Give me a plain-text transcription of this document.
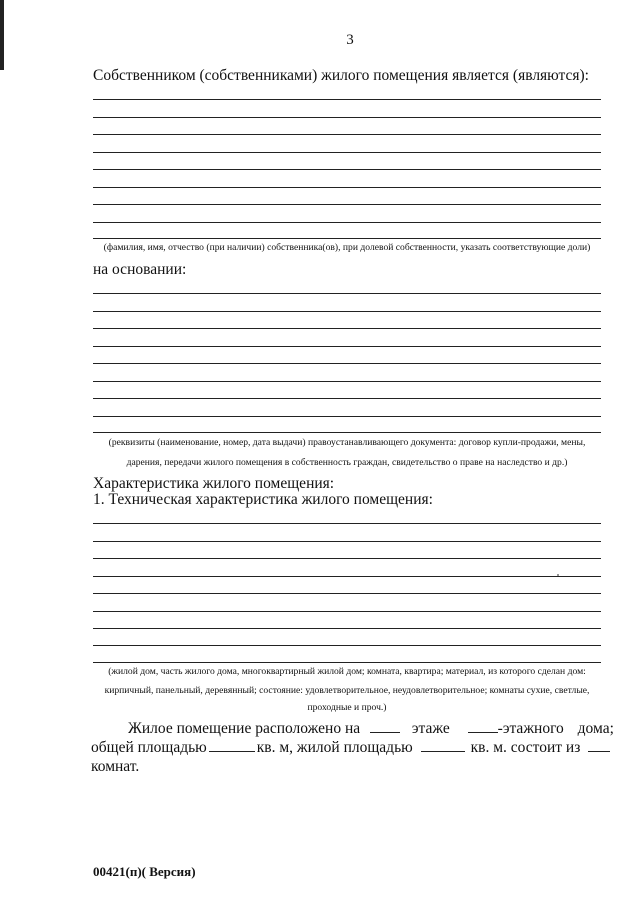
3
Собственником (собственниками) жилого помещения является (являются):
(фамилия, имя, отчество (при наличии) собственника(ов), при долевой собственности, указать соответствующие доли)
на основании:
(реквизиты (наименование, номер, дата выдачи) правоустанавливающего документа: договор купли-продажи, мены,
дарения, передачи жилого помещения в собственность граждан, свидетельство о праве на наследство и др.)
Характеристика жилого помещения:
1. Техническая характеристика жилого помещения:
(жилой дом, часть жилого дома, многоквартирный жилой дом; комната, квартира; материал, из которого сделан дом:
кирпичный, панельный, деревянный; состояние: удовлетворительное, неудовлетворительное; комнаты сухие, светлые,
проходные и проч.)
Жилое помещение расположено на	этаже	-этажного дома;
общей площадью	кв. м, жилой площадью	кв. м. состоит из
комнат.
00421(п)( Версия)
